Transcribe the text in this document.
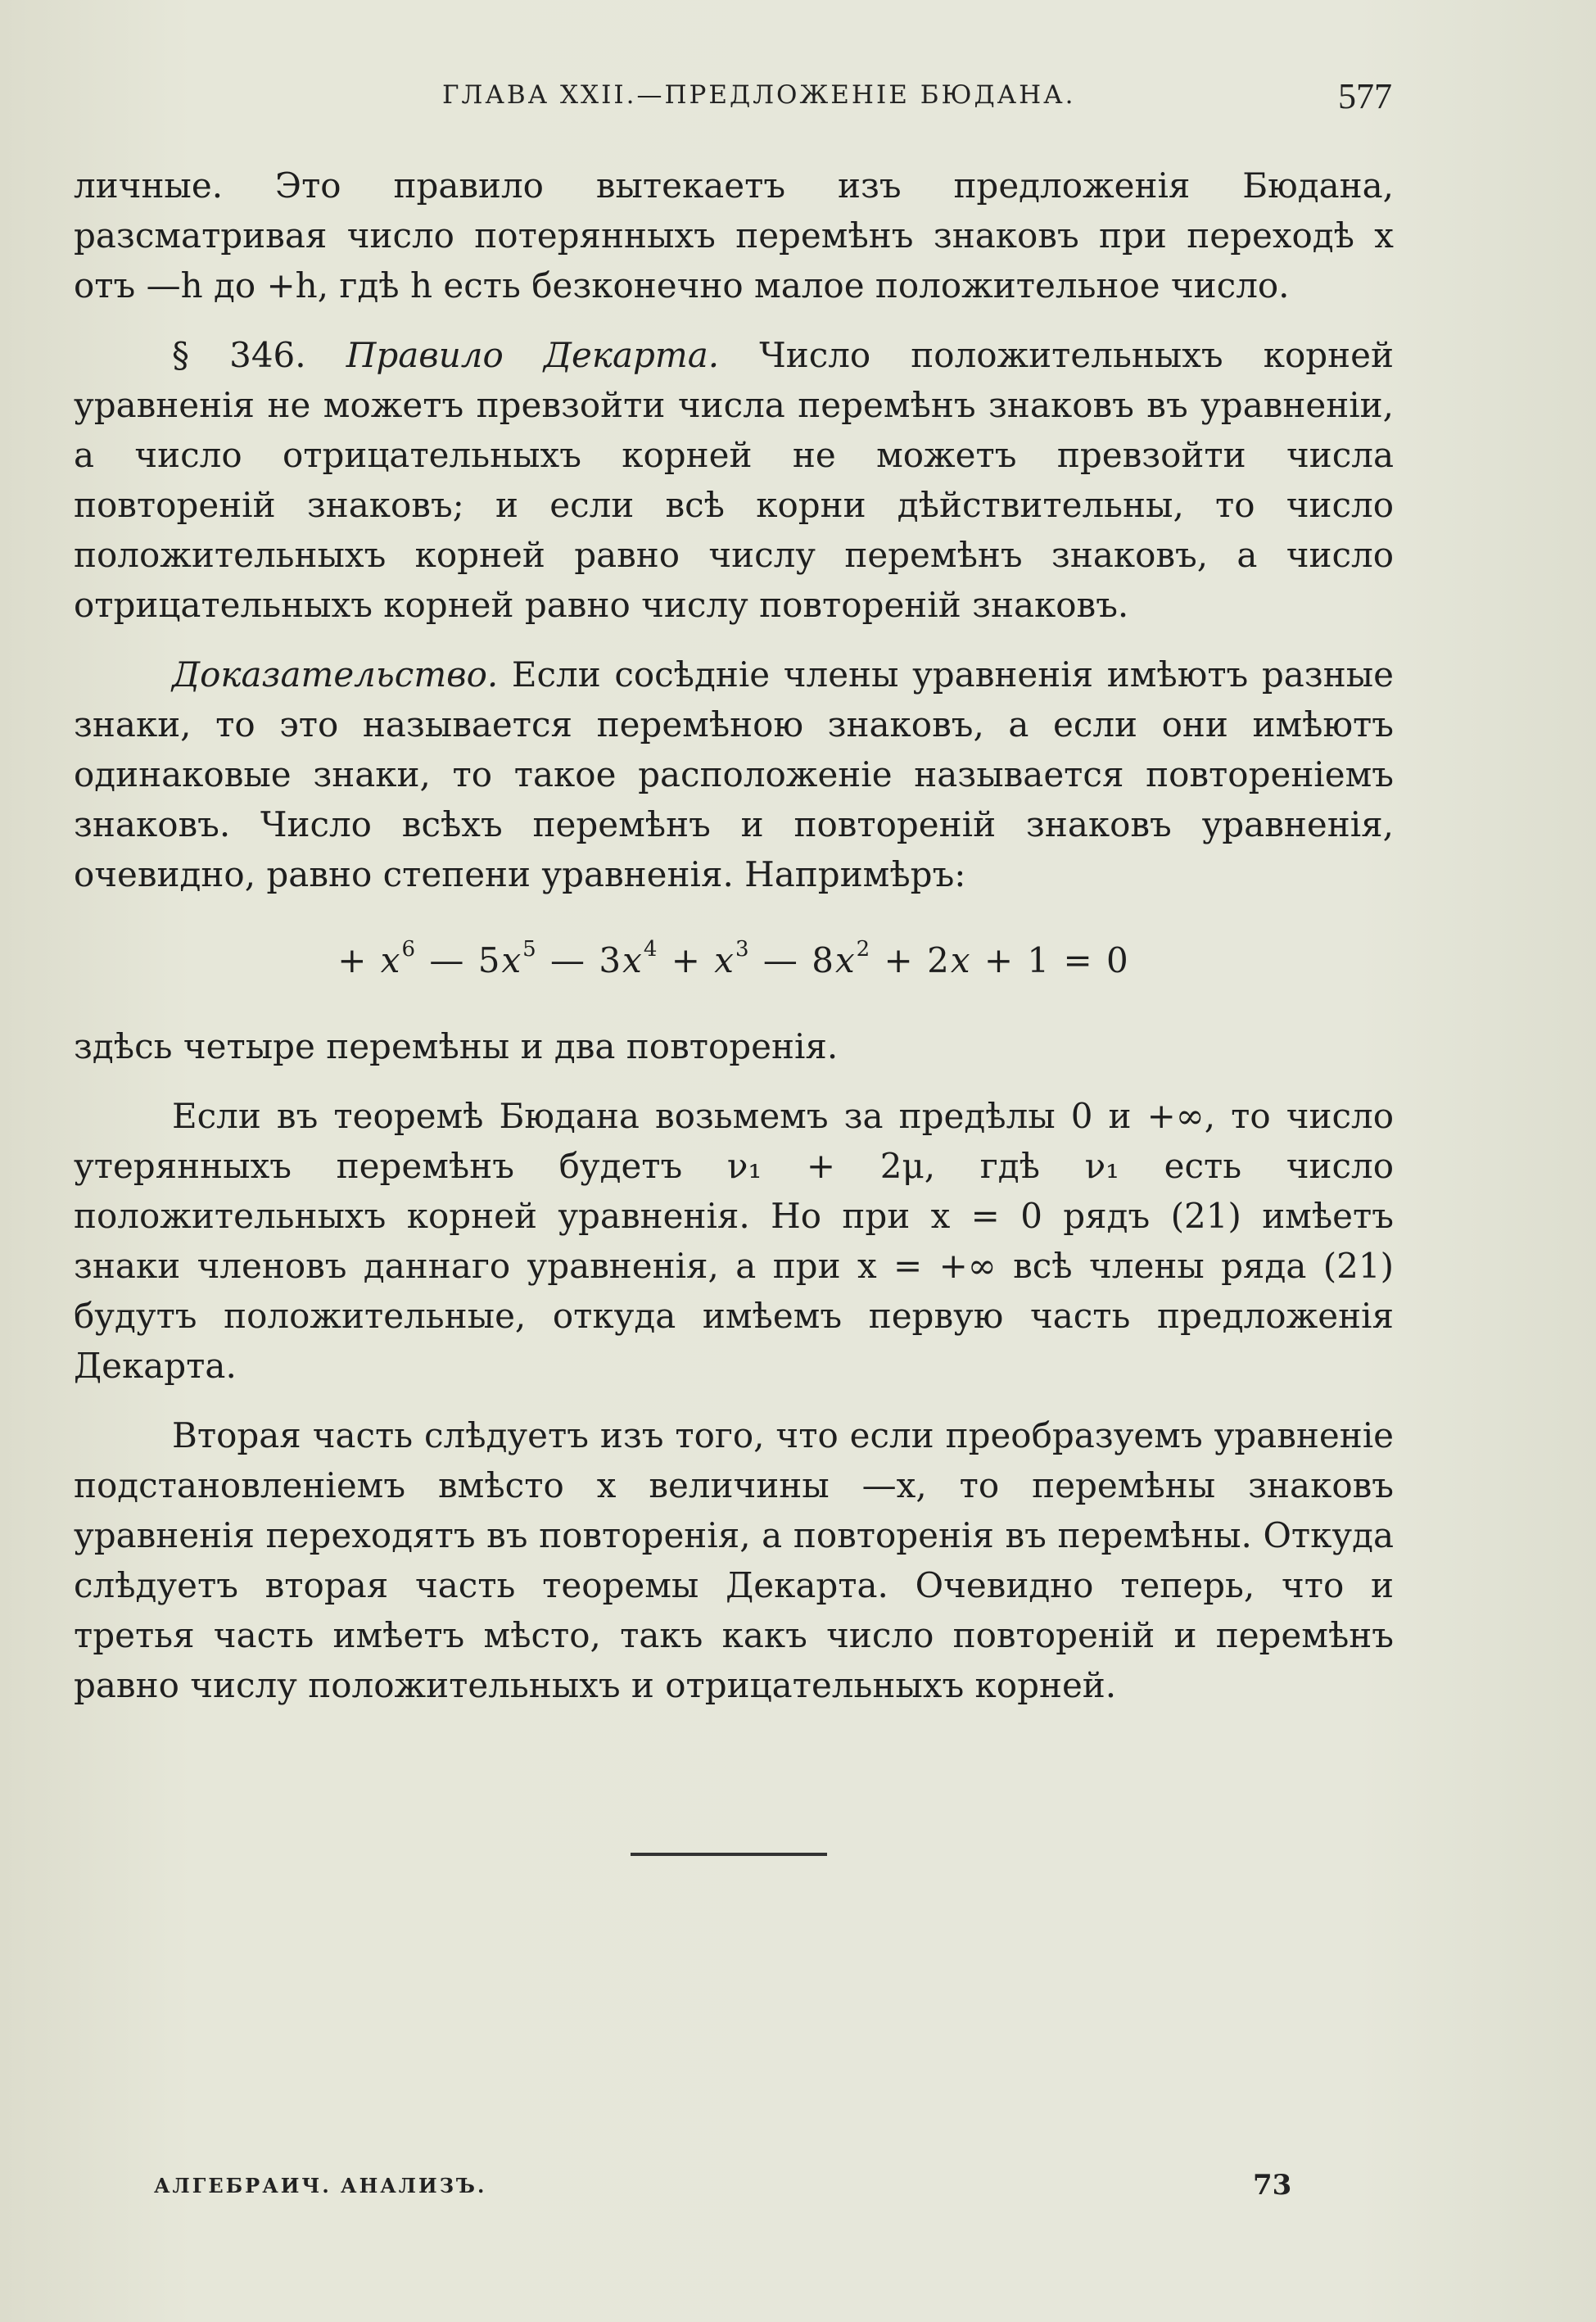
ГЛАВА XXII.—ПРЕДЛОЖЕНIЕ БЮДАНА.	577

личные. Это правило вытекаетъ изъ предложенія Бюдана, разсматривая число потерянныхъ перемѣнъ знаковъ при переходѣ x отъ —h до +h, гдѣ h есть безконечно малое положительное число.

§ 346. Правило Декарта. Число положительныхъ корней уравненія не можетъ превзойти числа перемѣнъ знаковъ въ уравненіи, а число отрицательныхъ корней не можетъ превзойти числа повтореній знаковъ; и если всѣ корни дѣйствительны, то число положительныхъ корней равно числу перемѣнъ знаковъ, а число отрицательныхъ корней равно числу повтореній знаковъ.

Доказательство. Если сосѣдніе члены уравненія имѣютъ разные знаки, то это называется перемѣною знаковъ, а если они имѣютъ одинаковые знаки, то такое расположеніе называется повтореніемъ знаковъ. Число всѣхъ перемѣнъ и повтореній знаковъ уравненія, очевидно, равно степени уравненія. Напримѣръ:

+ $x^6$ — $5x^5$ — $3x^4 + x^3$ — $8x^2 + 2x + 1 = 0$

здѣсь четыре перемѣны и два повторенія.

Если въ теоремѣ Бюдана возьмемъ за предѣлы 0 и +∞, то число утерянныхъ перемѣнъ будетъ ν₁ + 2μ, гдѣ ν₁ есть число положительныхъ корней уравненія. Но при x = 0 рядъ (21) имѣетъ знаки членовъ даннаго уравненія, а при x = +∞ всѣ члены ряда (21) будутъ положительные, откуда имѣемъ первую часть предложенія Декарта.

Вторая часть слѣдуетъ изъ того, что если преобразуемъ уравненіе подстановленіемъ вмѣсто x величины —x, то перемѣны знаковъ уравненія переходятъ въ повторенія, а повторенія въ перемѣны. Откуда слѣдуетъ вторая часть теоремы Декарта. Очевидно теперь, что и третья часть имѣетъ мѣсто, такъ какъ число повтореній и перемѣнъ равно числу положительныхъ и отрицательныхъ корней.

АЛГЕБРАИЧ. АНАЛИЗЪ.	73
